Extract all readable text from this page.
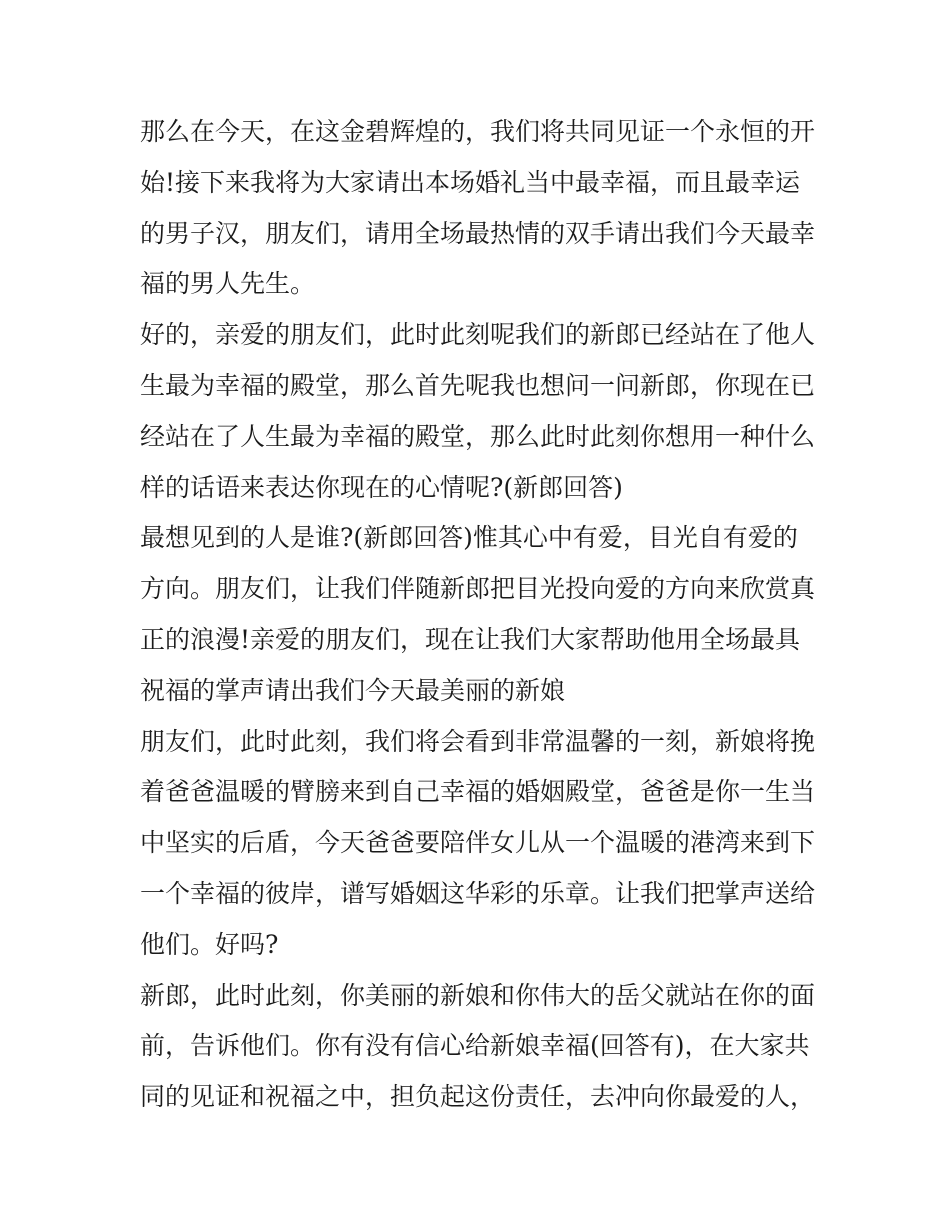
那么在今天，在这金碧辉煌的，我们将共同见证一个永恒的开
始!接下来我将为大家请出本场婚礼当中最幸福，而且最幸运
的男子汉，朋友们，请用全场最热情的双手请出我们今天最幸
福的男人先生。
好的，亲爱的朋友们，此时此刻呢我们的新郎已经站在了他人
生最为幸福的殿堂，那么首先呢我也想问一问新郎，你现在已
经站在了人生最为幸福的殿堂，那么此时此刻你想用一种什么
样的话语来表达你现在的心情呢?(新郎回答)
最想见到的人是谁?(新郎回答)惟其心中有爱，目光自有爱的
方向。朋友们，让我们伴随新郎把目光投向爱的方向来欣赏真
正的浪漫!亲爱的朋友们，现在让我们大家帮助他用全场最具
祝福的掌声请出我们今天最美丽的新娘
朋友们，此时此刻，我们将会看到非常温馨的一刻，新娘将挽
着爸爸温暖的臂膀来到自己幸福的婚姻殿堂，爸爸是你一生当
中坚实的后盾，今天爸爸要陪伴女儿从一个温暖的港湾来到下
一个幸福的彼岸，谱写婚姻这华彩的乐章。让我们把掌声送给
他们。好吗?
新郎，此时此刻，你美丽的新娘和你伟大的岳父就站在你的面
前，告诉他们。你有没有信心给新娘幸福(回答有)，在大家共
同的见证和祝福之中，担负起这份责任，去冲向你最爱的人，
